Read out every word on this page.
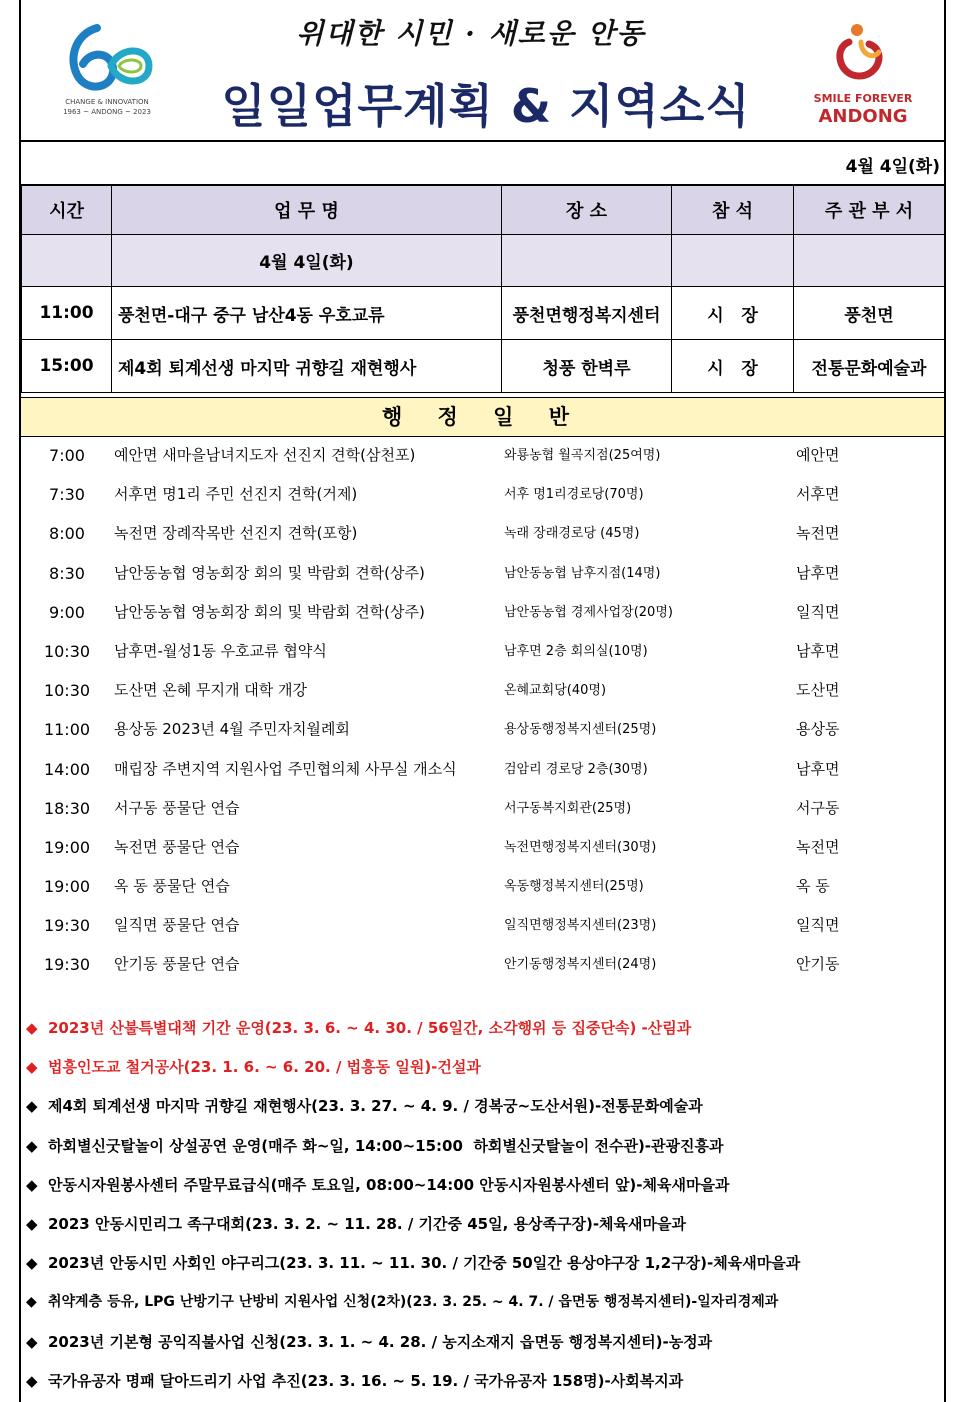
CHANGE & INNOVATION
1963 ~ ANDONG ~ 2023
위대한 시민 · 새로운 안동
일일업무계획 & 지역소식	SMILE FOREVER
ANDONG
4월 4일(화)
시간	업 무 명	장 소	참 석	주 관 부 서
	4월 4일(화)			
11:00	풍천면-대구 중구 남산4동 우호교류	풍천면행정복지센터	시   장	풍천면
15:00	제4회 퇴계선생 마지막 귀향길 재현행사	청풍 한벽루	시   장	전통문화예술과
행 정 일 반
7:00	예안면 새마을남녀지도자 선진지 견학(삼천포)	와룡농협 월곡지점(25여명)	예안면
7:30	서후면 명1리 주민 선진지 견학(거제)	서후 명1리경로당(70명)	서후면
8:00	녹전면 장례작목반 선진지 견학(포항)	녹래 장래경로당 (45명)	녹전면
8:30	남안동농협 영농회장 회의 및 박람회 견학(상주)	남안동농협 남후지점(14명)	남후면
9:00	남안동농협 영농회장 회의 및 박람회 견학(상주)	남안동농협 경제사업장(20명)	일직면
10:30	남후면-월성1동 우호교류 협약식	남후면 2층 회의실(10명)	남후면
10:30	도산면 온혜 무지개 대학 개강	온혜교회당(40명)	도산면
11:00	용상동 2023년 4월 주민자치월례회	용상동행정복지센터(25명)	용상동
14:00	매립장 주변지역 지원사업 주민협의체 사무실 개소식	검암리 경로당 2층(30명)	남후면
18:30	서구동 풍물단 연습	서구동복지회관(25명)	서구동
19:00	녹전면 풍물단 연습	녹전면행정복지센터(30명)	녹전면
19:00	옥 동 풍물단 연습	옥동행정복지센터(25명)	옥 동
19:30	일직면 풍물단 연습	일직면행정복지센터(23명)	일직면
19:30	안기동 풍물단 연습	안기동행정복지센터(24명)	안기동
◆ 2023년 산불특별대책 기간 운영(23. 3. 6. ~ 4. 30. / 56일간, 소각행위 등 집중단속) -산림과
◆ 법흥인도교 철거공사(23. 1. 6. ~ 6. 20. / 법흥동 일원)-건설과
◆ 제4회 퇴계선생 마지막 귀향길 재현행사(23. 3. 27. ~ 4. 9. / 경복궁~도산서원)-전통문화예술과
◆ 하회별신굿탈놀이 상설공연 운영(매주 화~일, 14:00~15:00  하회별신굿탈놀이 전수관)-관광진흥과
◆ 안동시자원봉사센터 주말무료급식(매주 토요일, 08:00~14:00 안동시자원봉사센터 앞)-체육새마을과
◆ 2023 안동시민리그 족구대회(23. 3. 2. ~ 11. 28. / 기간중 45일, 용상족구장)-체육새마을과
◆ 2023년 안동시민 사회인 야구리그(23. 3. 11. ~ 11. 30. / 기간중 50일간 용상야구장 1,2구장)-체육새마을과
◆ 취약계층 등유, LPG 난방기구 난방비 지원사업 신청(2차)(23. 3. 25. ~ 4. 7. / 읍면동 행정복지센터)-일자리경제과
◆ 2023년 기본형 공익직불사업 신청(23. 3. 1. ~ 4. 28. / 농지소재지 읍면동 행정복지센터)-농정과
◆ 국가유공자 명패 달아드리기 사업 추진(23. 3. 16. ~ 5. 19. / 국가유공자 158명)-사회복지과
